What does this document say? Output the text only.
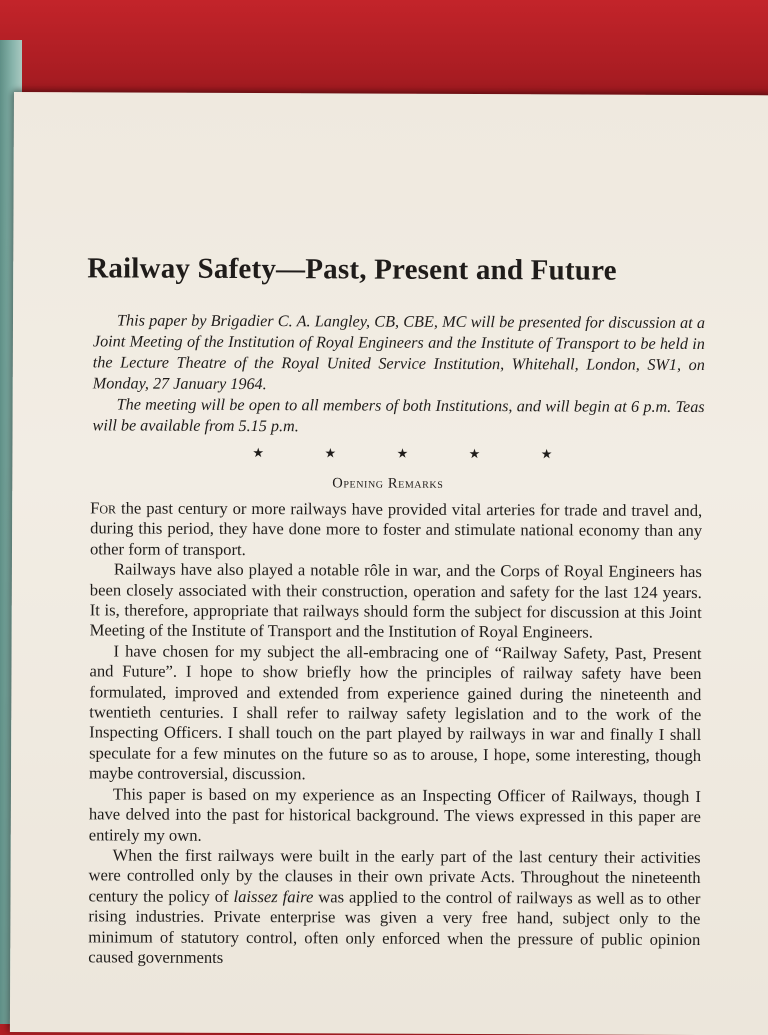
Railway Safety—Past, Present and Future

This paper by Brigadier C. A. Langley, CB, CBE, MC will be presented for discussion at a Joint Meeting of the Institution of Royal Engineers and the Institute of Transport to be held in the Lecture Theatre of the Royal United Service Institution, Whitehall, London, SW1, on Monday, 27 January 1964.

The meeting will be open to all members of both Institutions, and will begin at 6 p.m. Teas will be available from 5.15 p.m.

★	★	★	★	★
Opening Remarks

For the past century or more railways have provided vital arteries for trade and travel and, during this period, they have done more to foster and stimulate national economy than any other form of transport.

Railways have also played a notable rôle in war, and the Corps of Royal Engineers has been closely associated with their construction, operation and safety for the last 124 years. It is, therefore, appropriate that railways should form the subject for discussion at this Joint Meeting of the Institute of Transport and the Institution of Royal Engineers.

I have chosen for my subject the all-embracing one of “Railway Safety, Past, Present and Future”. I hope to show briefly how the principles of railway safety have been formulated, improved and extended from experience gained during the nineteenth and twentieth centuries. I shall refer to railway safety legislation and to the work of the Inspecting Officers. I shall touch on the part played by railways in war and finally I shall speculate for a few minutes on the future so as to arouse, I hope, some interesting, though maybe controversial, discussion.

This paper is based on my experience as an Inspecting Officer of Railways, though I have delved into the past for historical background. The views expressed in this paper are entirely my own.

When the first railways were built in the early part of the last century their activities were controlled only by the clauses in their own private Acts. Throughout the nineteenth century the policy of laissez faire was applied to the control of railways as well as to other rising industries. Private enterprise was given a very free hand, subject only to the minimum of statutory control, often only enforced when the pressure of public opinion caused governments
